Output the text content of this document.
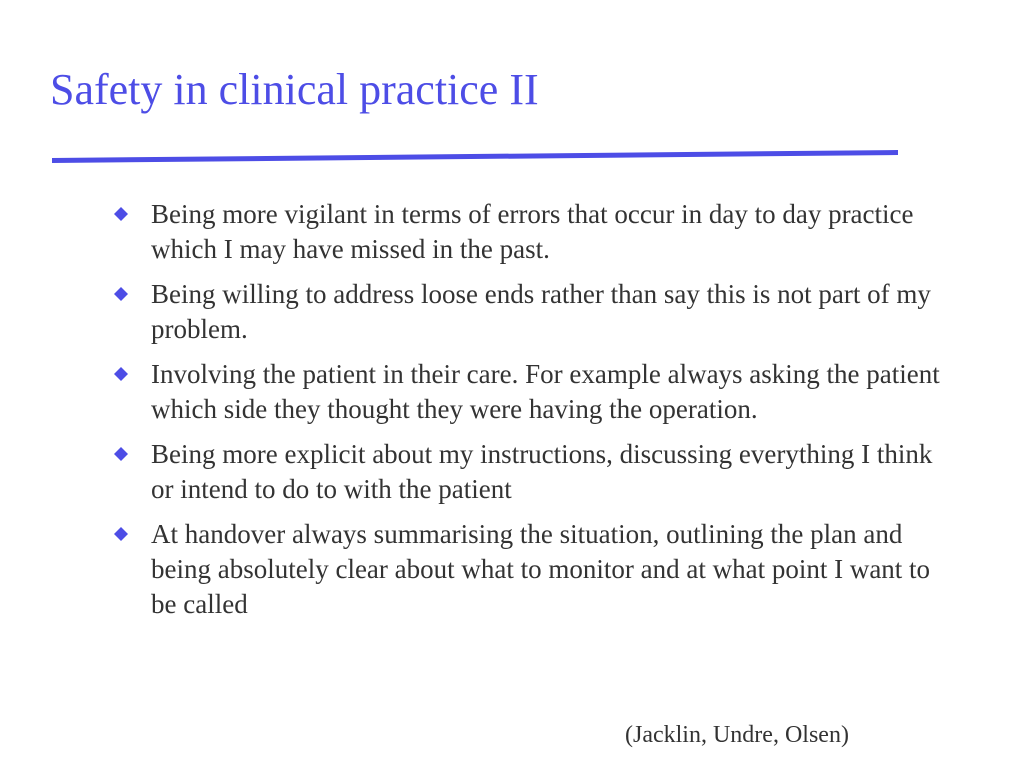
Safety in clinical practice II
Being more vigilant in terms of errors that occur in day to day practice which I may have missed in the past.
Being willing to address loose ends rather than say this is not part of my problem.
Involving the patient in their care. For example always asking the patient which side they thought they were having the operation.
Being more explicit about my instructions, discussing everything I think or intend to do to with the patient
At handover always summarising the situation, outlining the plan and being absolutely clear about what to monitor and at what point I want to be called
(Jacklin, Undre, Olsen)
